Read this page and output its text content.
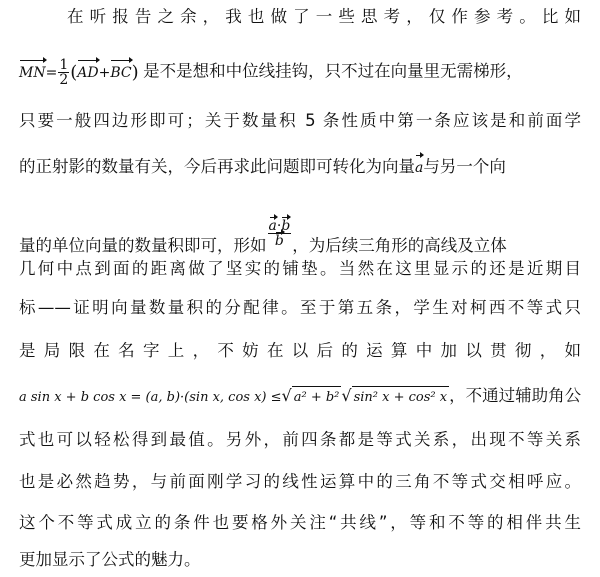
在听报告之余，我也做了一些思考，仅作参考。比如
$MN= \frac{1}{2} (AD+BC)$ 是不是想和中位线挂钩，只不过在向量里无需梯形，
只要一般四边形即可；关于数量积 5 条性质中第一条应该是和前面学
的正射影的数量有关，今后再求此问题即可转化为向量a与另一个向
量的单位向量的数量积即可，形如 $\frac{a\cdot b}{b}$ ，为后续三角形的高线及立体
几何中点到面的距离做了坚实的铺垫。当然在这里显示的还是近期目
标——证明向量数量积的分配律。至于第五条，学生对柯西不等式只
是局限在名字上，不妨在以后的运算中加以贯彻，如
a sin x + b cos x = (a, b)·(sin x, cos x) ≤√ a² + b² √ sin² x + cos² x ，不通过辅助角公
式也可以轻松得到最值。另外，前四条都是等式关系，出现不等关系
也是必然趋势，与前面刚学习的线性运算中的三角不等式交相呼应。
这个不等式成立的条件也要格外关注“共线”，等和不等的相伴共生
更加显示了公式的魅力。
